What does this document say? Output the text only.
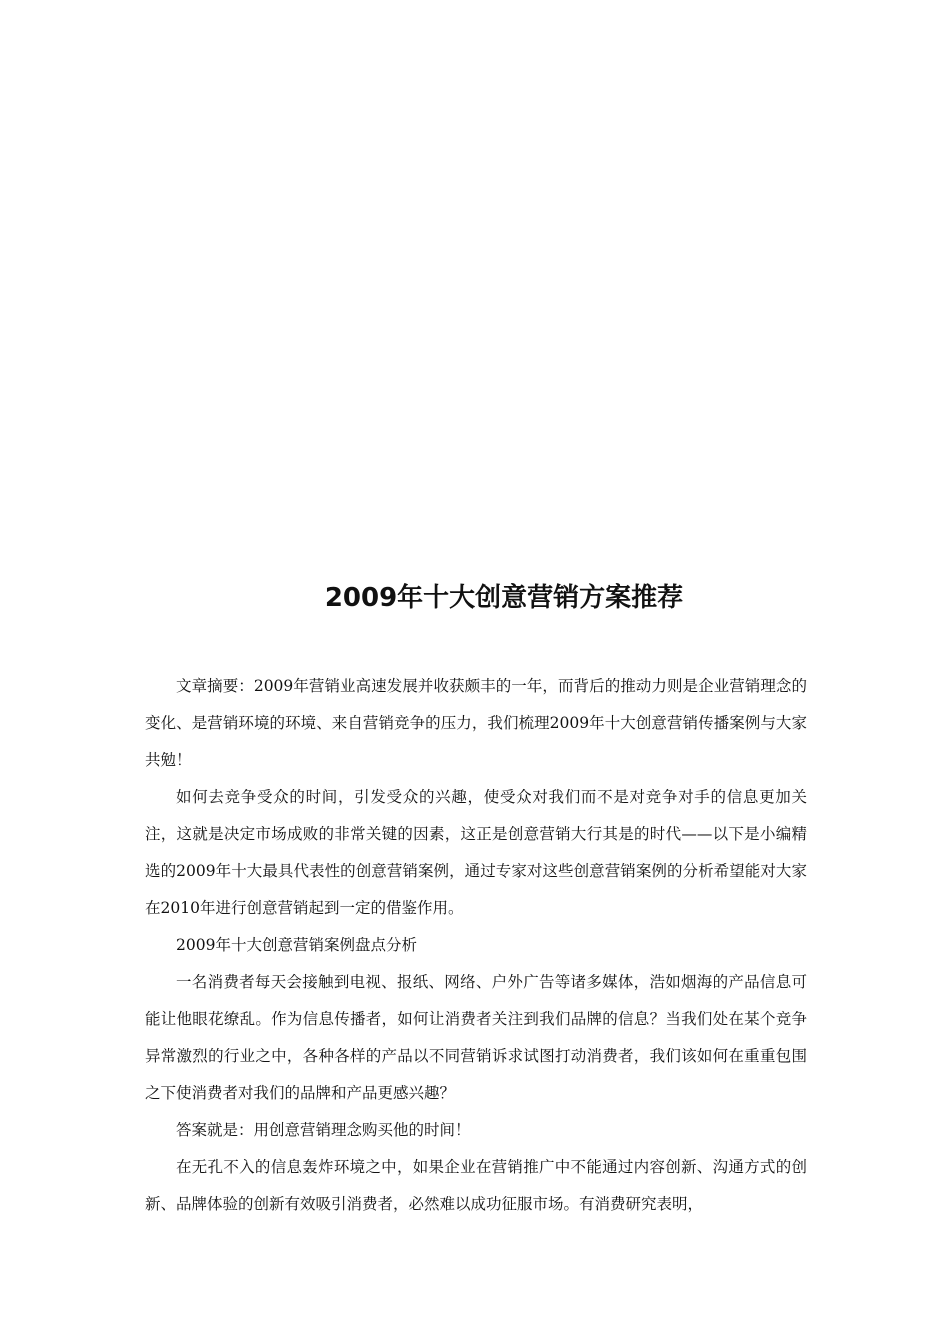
2009年十大创意营销方案推荐

文章摘要：2009年营销业高速发展并收获颇丰的一年，而背后的推动力则是企业营销理念的变化、是营销环境的环境、来自营销竞争的压力，我们梳理2009年十大创意营销传播案例与大家共勉！

如何去竞争受众的时间，引发受众的兴趣，使受众对我们而不是对竞争对手的信息更加关注，这就是决定市场成败的非常关键的因素，这正是创意营销大行其是的时代——以下是小编精选的2009年十大最具代表性的创意营销案例，通过专家对这些创意营销案例的分析希望能对大家在2010年进行创意营销起到一定的借鉴作用。

2009年十大创意营销案例盘点分析

一名消费者每天会接触到电视、报纸、网络、户外广告等诸多媒体，浩如烟海的产品信息可能让他眼花缭乱。作为信息传播者，如何让消费者关注到我们品牌的信息？当我们处在某个竞争异常激烈的行业之中，各种各样的产品以不同营销诉求试图打动消费者，我们该如何在重重包围之下使消费者对我们的品牌和产品更感兴趣？

答案就是：用创意营销理念购买他的时间！

在无孔不入的信息轰炸环境之中，如果企业在营销推广中不能通过内容创新、沟通方式的创新、品牌体验的创新有效吸引消费者，必然难以成功征服市场。有消费研究表明，
